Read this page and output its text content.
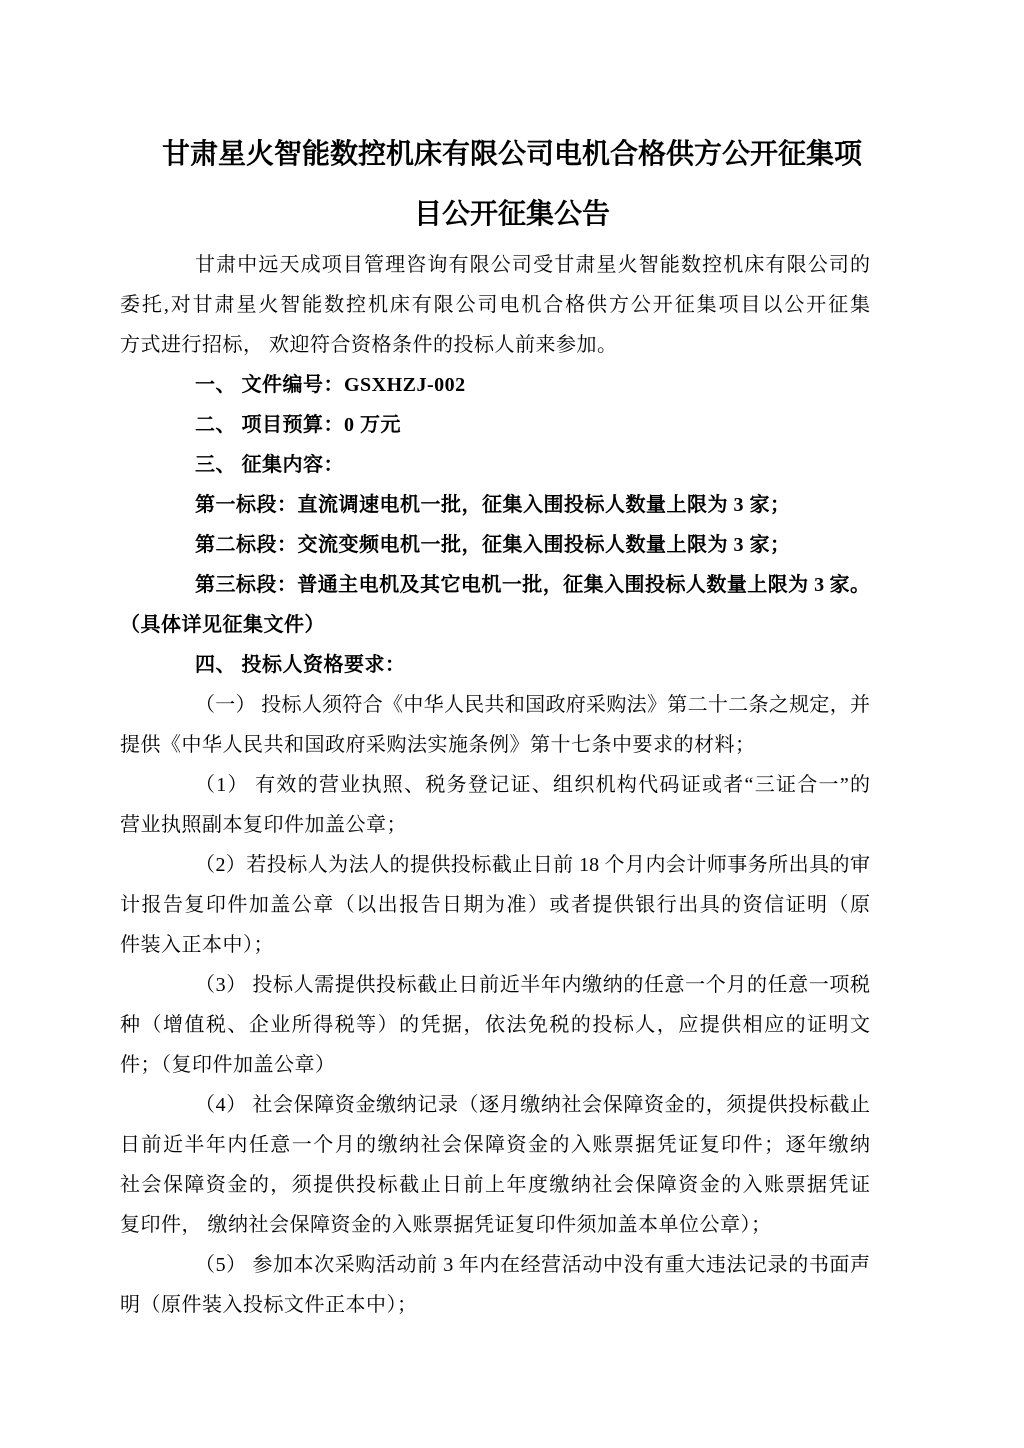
甘肃星火智能数控机床有限公司电机合格供方公开征集项
目公开征集公告
甘肃中远天成项目管理咨询有限公司受甘肃星火智能数控机床有限公司的
委托,对甘肃星火智能数控机床有限公司电机合格供方公开征集项目以公开征集
方式进行招标， 欢迎符合资格条件的投标人前来参加。
一、 文件编号：GSXHZJ-002
二、 项目预算：0 万元
三、 征集内容：
第一标段：直流调速电机一批，征集入围投标人数量上限为 3 家；
第二标段：交流变频电机一批，征集入围投标人数量上限为 3 家；
第三标段：普通主电机及其它电机一批，征集入围投标人数量上限为 3 家。
（具体详见征集文件）
四、 投标人资格要求：
（一） 投标人须符合《中华人民共和国政府采购法》第二十二条之规定，并
提供《中华人民共和国政府采购法实施条例》第十七条中要求的材料；
（1） 有效的营业执照、税务登记证、组织机构代码证或者“三证合一”的
营业执照副本复印件加盖公章；
（2）若投标人为法人的提供投标截止日前 18 个月内会计师事务所出具的审
计报告复印件加盖公章（以出报告日期为准）或者提供银行出具的资信证明（原
件装入正本中）；
（3） 投标人需提供投标截止日前近半年内缴纳的任意一个月的任意一项税
种（增值税、企业所得税等）的凭据，依法免税的投标人，应提供相应的证明文
件；（复印件加盖公章）
（4） 社会保障资金缴纳记录（逐月缴纳社会保障资金的，须提供投标截止
日前近半年内任意一个月的缴纳社会保障资金的入账票据凭证复印件；逐年缴纳
社会保障资金的，须提供投标截止日前上年度缴纳社会保障资金的入账票据凭证
复印件， 缴纳社会保障资金的入账票据凭证复印件须加盖本单位公章）；
（5） 参加本次采购活动前 3 年内在经营活动中没有重大违法记录的书面声
明（原件装入投标文件正本中）；
